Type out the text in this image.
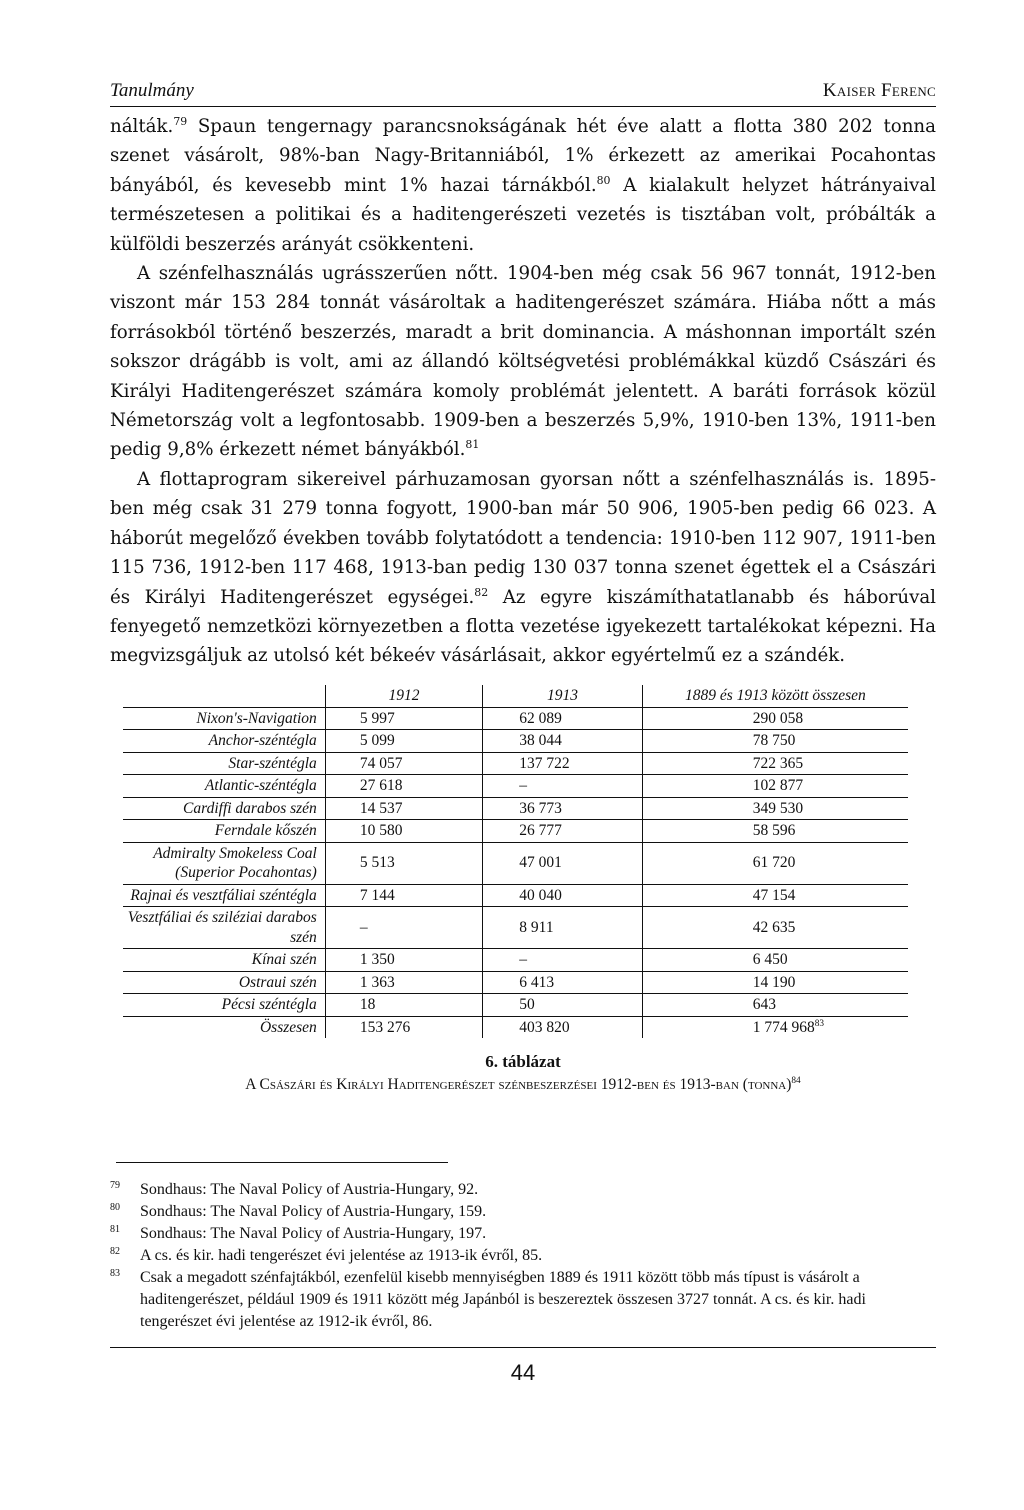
Tanulmány	Kaiser Ferenc

nálták.$^{79}$ Spaun tengernagy parancsnokságának hét éve alatt a flotta 380 202 tonna szenet vásárolt, 98%-ban Nagy-Britanniából, 1% érkezett az amerikai Pocahontas bányából, és kevesebb mint 1% hazai tárnákból.$^{80}$ A kialakult helyzet hátrányaival természetesen a politikai és a haditengerészeti vezetés is tisztában volt, próbálták a külföldi beszerzés arányát csökkenteni.

A szénfelhasználás ugrásszerűen nőtt. 1904-ben még csak 56 967 tonnát, 1912-ben viszont már 153 284 tonnát vásároltak a haditengerészet számára. Hiába nőtt a más forrásokból történő beszerzés, maradt a brit dominancia. A máshonnan importált szén sokszor drágább is volt, ami az állandó költségvetési problémákkal küzdő Császári és Királyi Haditengerészet számára komoly problémát jelentett. A baráti források közül Németország volt a legfontosabb. 1909-ben a beszerzés 5,9%, 1910-ben 13%, 1911-ben pedig 9,8% érkezett német bányákból.$^{81}$

A flottaprogram sikereivel párhuzamosan gyorsan nőtt a szénfelhasználás is. 1895-ben még csak 31 279 tonna fogyott, 1900-ban már 50 906, 1905-ben pedig 66 023. A háborút megelőző években tovább folytatódott a tendencia: 1910-ben 112 907, 1911-ben 115 736, 1912-ben 117 468, 1913-ban pedig 130 037 tonna szenet égettek el a Császári és Királyi Haditengerészet egységei.$^{82}$ Az egyre kiszámíthatatlanabb és háborúval fenyegető nemzetközi környezetben a flotta vezetése igyekezett tartalékokat képezni. Ha megvizsgáljuk az utolsó két békeév vásárlásait, akkor egyértelmű ez a szándék.

	1912	1913	1889 és 1913 között összesen
Nixon's-Navigation	5 997	62 089	290 058
Anchor-széntégla	5 099	38 044	78 750
Star-széntégla	74 057	137 722	722 365
Atlantic-széntégla	27 618	–	102 877
Cardiffi darabos szén	14 537	36 773	349 530
Ferndale kőszén	10 580	26 777	58 596
Admiralty Smokeless Coal (Superior Pocahontas)	5 513	47 001	61 720
Rajnai és vesztfáliai széntégla	7 144	40 040	47 154
Vesztfáliai és sziléziai darabos szén	–	8 911	42 635
Kínai szén	1 350	–	6 450
Ostraui szén	1 363	6 413	14 190
Pécsi széntégla	18	50	643
Összesen	153 276	403 820	1 774 $968^{83}$
6. táblázat
A Császári és Királyi Haditengerészet szénbeszerzései 1912-ben és 1913-ban (tonna)$^{84}$
79	Sondhaus: The Naval Policy of Austria-Hungary, 92.
80	Sondhaus: The Naval Policy of Austria-Hungary, 159.
81	Sondhaus: The Naval Policy of Austria-Hungary, 197.
82	A cs. és kir. hadi tengerészet évi jelentése az 1913-ik évről, 85.
83	Csak a megadott szénfajtákból, ezenfelül kisebb mennyiségben 1889 és 1911 között több más típust is vásárolt a haditengerészet, például 1909 és 1911 között még Japánból is beszereztek összesen 3727 tonnát. A cs. és kir. hadi tengerészet évi jelentése az 1912-ik évről, 86.
44
